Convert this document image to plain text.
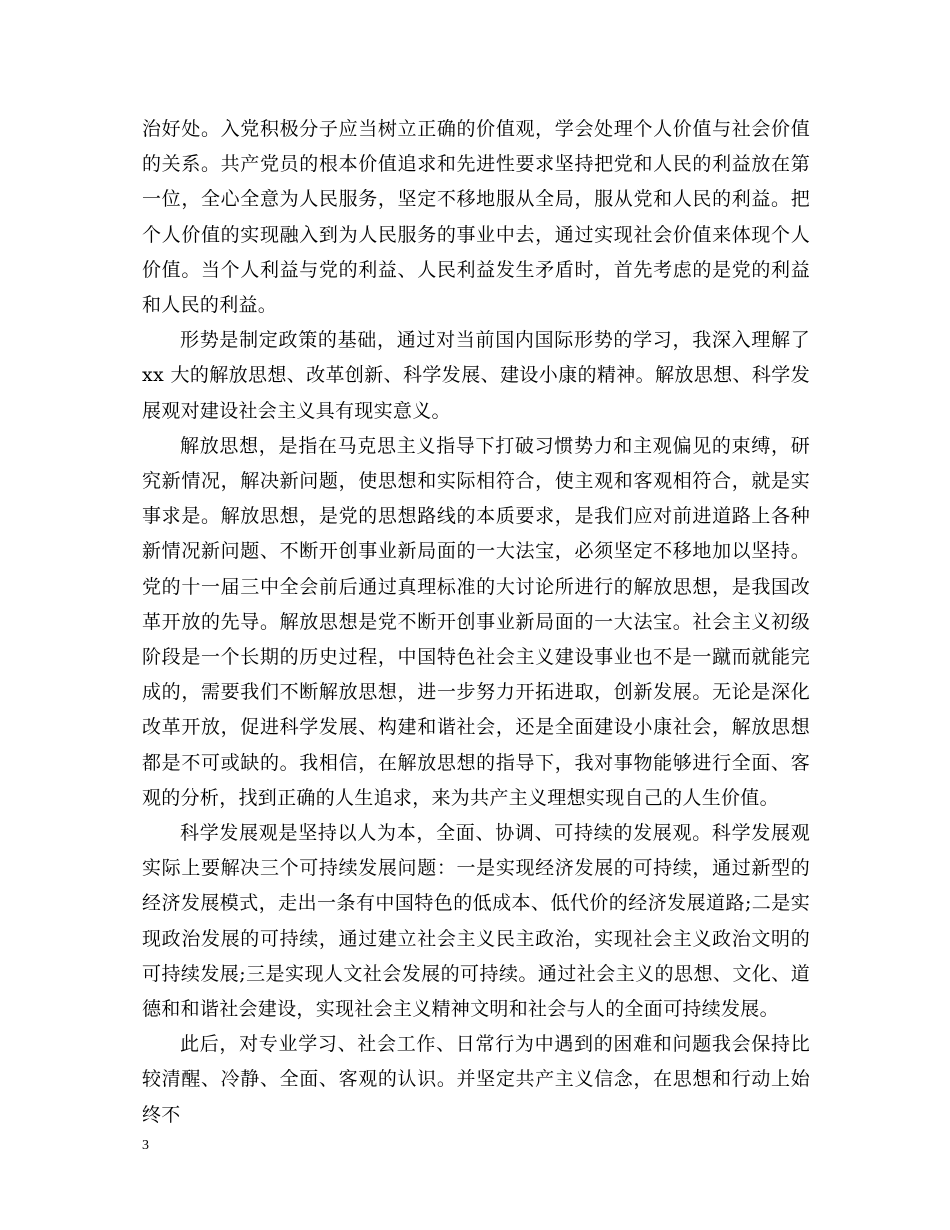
治好处。入党积极分子应当树立正确的价值观，学会处理个人价值与社会价值的关系。共产党员的根本价值追求和先进性要求坚持把党和人民的利益放在第一位，全心全意为人民服务，坚定不移地服从全局，服从党和人民的利益。把个人价值的实现融入到为人民服务的事业中去，通过实现社会价值来体现个人价值。当个人利益与党的利益、人民利益发生矛盾时，首先考虑的是党的利益和人民的利益。

形势是制定政策的基础，通过对当前国内国际形势的学习，我深入理解了 xx 大的解放思想、改革创新、科学发展、建设小康的精神。解放思想、科学发展观对建设社会主义具有现实意义。

解放思想，是指在马克思主义指导下打破习惯势力和主观偏见的束缚，研究新情况，解决新问题，使思想和实际相符合，使主观和客观相符合，就是实事求是。解放思想，是党的思想路线的本质要求，是我们应对前进道路上各种新情况新问题、不断开创事业新局面的一大法宝，必须坚定不移地加以坚持。党的十一届三中全会前后通过真理标准的大讨论所进行的解放思想，是我国改革开放的先导。解放思想是党不断开创事业新局面的一大法宝。社会主义初级阶段是一个长期的历史过程，中国特色社会主义建设事业也不是一蹴而就能完成的，需要我们不断解放思想，进一步努力开拓进取，创新发展。无论是深化改革开放，促进科学发展、构建和谐社会，还是全面建设小康社会，解放思想都是不可或缺的。我相信，在解放思想的指导下，我对事物能够进行全面、客观的分析，找到正确的人生追求，来为共产主义理想实现自己的人生价值。

科学发展观是坚持以人为本，全面、协调、可持续的发展观。科学发展观实际上要解决三个可持续发展问题：一是实现经济发展的可持续，通过新型的经济发展模式，走出一条有中国特色的低成本、低代价的经济发展道路;二是实现政治发展的可持续，通过建立社会主义民主政治，实现社会主义政治文明的可持续发展;三是实现人文社会发展的可持续。通过社会主义的思想、文化、道德和和谐社会建设，实现社会主义精神文明和社会与人的全面可持续发展。

此后，对专业学习、社会工作、日常行为中遇到的困难和问题我会保持比较清醒、冷静、全面、客观的认识。并坚定共产主义信念，在思想和行动上始终不

3
